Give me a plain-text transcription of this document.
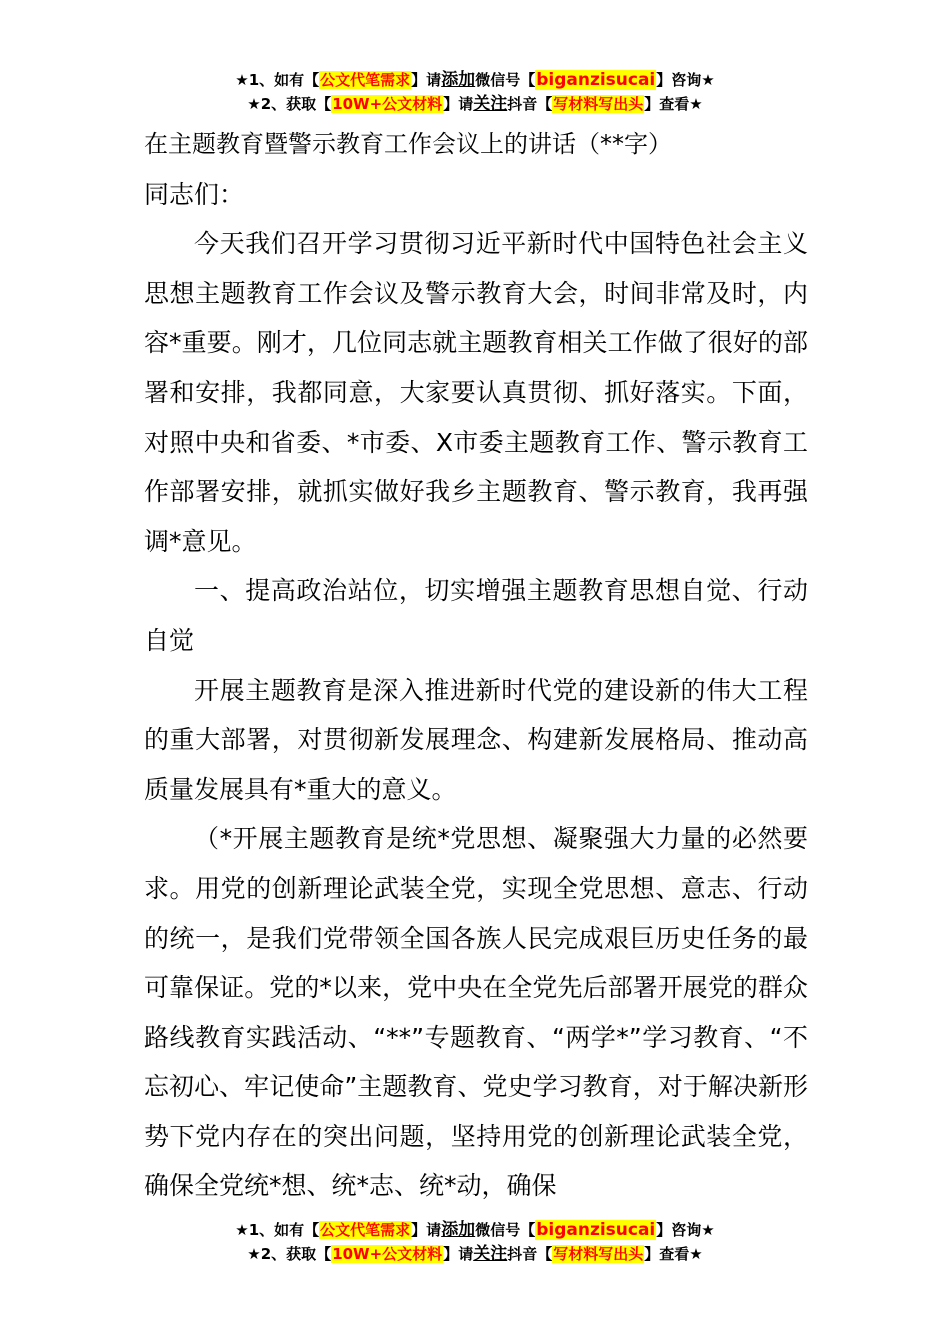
★1、如有【公文代笔需求】请添加微信号【biganzisucai】咨询★
★2、获取【10W+公文材料】请关注抖音【写材料写出头】查看★

在主题教育暨警示教育工作会议上的讲话（**字）

同志们：

今天我们召开学习贯彻习近平新时代中国特色社会主义思想主题教育工作会议及警示教育大会，时间非常及时，内容*重要。刚才，几位同志就主题教育相关工作做了很好的部署和安排，我都同意，大家要认真贯彻、抓好落实。下面，对照中央和省委、*市委、X市委主题教育工作、警示教育工作部署安排，就抓实做好我乡主题教育、警示教育，我再强调*意见。

一、提高政治站位，切实增强主题教育思想自觉、行动自觉

开展主题教育是深入推进新时代党的建设新的伟大工程的重大部署，对贯彻新发展理念、构建新发展格局、推动高质量发展具有*重大的意义。

（*开展主题教育是统*党思想、凝聚强大力量的必然要求。用党的创新理论武装全党，实现全党思想、意志、行动的统一，是我们党带领全国各族人民完成艰巨历史任务的最可靠保证。党的*以来，党中央在全党先后部署开展党的群众路线教育实践活动、“**”专题教育、“两学*”学习教育、“不忘初心、牢记使命”主题教育、党史学习教育，对于解决新形势下党内存在的突出问题，坚持用党的创新理论武装全党，确保全党统*想、统*志、统*动，确保

★1、如有【公文代笔需求】请添加微信号【biganzisucai】咨询★
★2、获取【10W+公文材料】请关注抖音【写材料写出头】查看★
